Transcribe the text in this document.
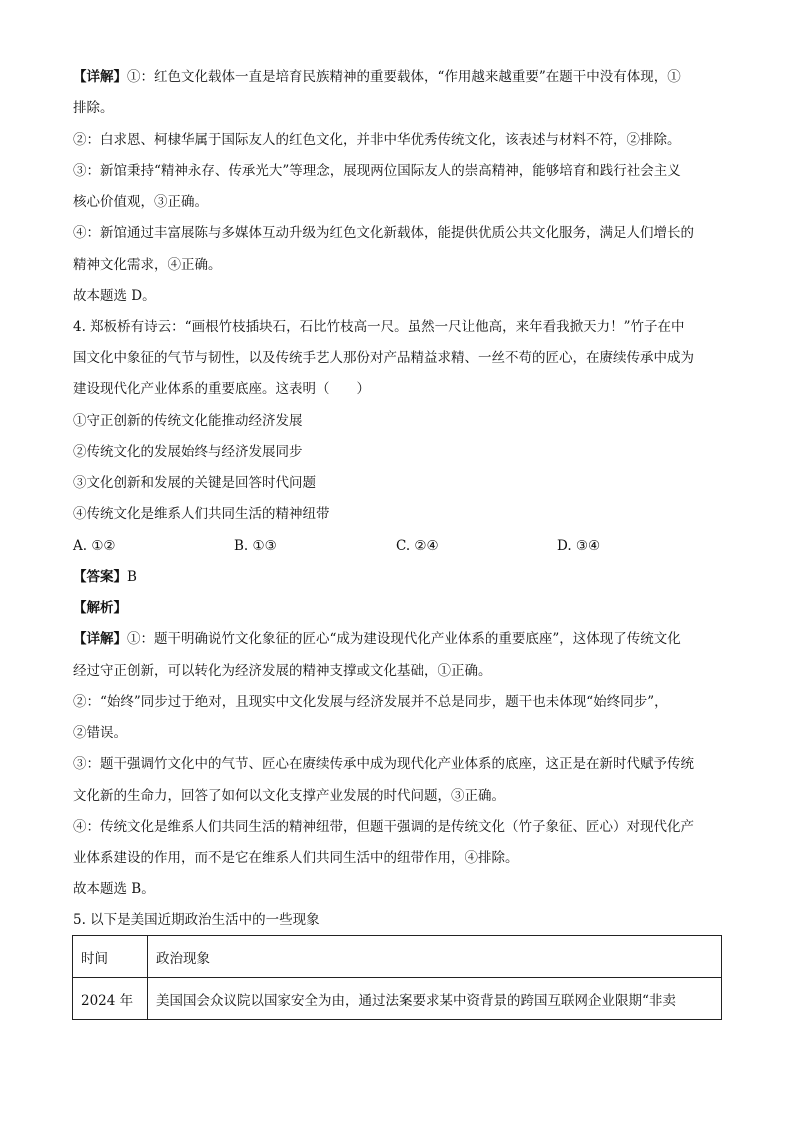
【详解】①：红色文化载体一直是培育民族精神的重要载体，“作用越来越重要”在题干中没有体现，①
排除。
②：白求恩、柯棣华属于国际友人的红色文化，并非中华优秀传统文化，该表述与材料不符，②排除。
③：新馆秉持“精神永存、传承光大”等理念，展现两位国际友人的崇高精神，能够培育和践行社会主义
核心价值观，③正确。
④：新馆通过丰富展陈与多媒体互动升级为红色文化新载体，能提供优质公共文化服务，满足人们增长的
精神文化需求，④正确。
故本题选 D。
4. 郑板桥有诗云：“画根竹枝插块石，石比竹枝高一尺。虽然一尺让他高，来年看我掀天力！”竹子在中
国文化中象征的气节与韧性，以及传统手艺人那份对产品精益求精、一丝不苟的匠心，在赓续传承中成为
建设现代化产业体系的重要底座。这表明（　　）
①守正创新的传统文化能推动经济发展
②传统文化的发展始终与经济发展同步
③文化创新和发展的关键是回答时代问题
④传统文化是维系人们共同生活的精神纽带
A. ①②	B. ①③	C. ②④	D. ③④
【答案】B
【解析】
【详解】①：题干明确说竹文化象征的匠心“成为建设现代化产业体系的重要底座”，这体现了传统文化
经过守正创新，可以转化为经济发展的精神支撑或文化基础，①正确。
②：“始终”同步过于绝对，且现实中文化发展与经济发展并不总是同步，题干也未体现“始终同步”，
②错误。
③：题干强调竹文化中的气节、匠心在赓续传承中成为现代化产业体系的底座，这正是在新时代赋予传统
文化新的生命力，回答了如何以文化支撑产业发展的时代问题，③正确。
④：传统文化是维系人们共同生活的精神纽带，但题干强调的是传统文化（竹子象征、匠心）对现代化产
业体系建设的作用，而不是它在维系人们共同生活中的纽带作用，④排除。
故本题选 B。
5. 以下是美国近期政治生活中的一些现象
时间	政治现象
2024 年	美国国会众议院以国家安全为由，通过法案要求某中资背景的跨国互联网企业限期“非卖
